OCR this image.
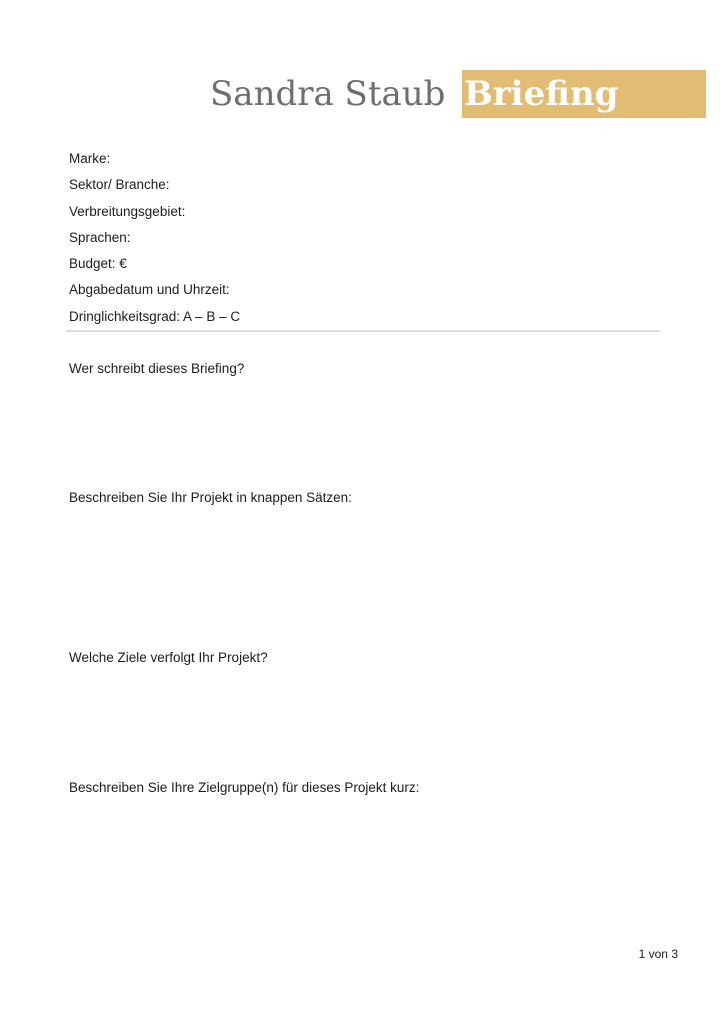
Sandra Staub Briefing
Marke:
Sektor/ Branche:
Verbreitungsgebiet:
Sprachen:
Budget: €
Abgabedatum und Uhrzeit:
Dringlichkeitsgrad: A – B – C
Wer schreibt dieses Briefing?
Beschreiben Sie Ihr Projekt in knappen Sätzen:
Welche Ziele verfolgt Ihr Projekt?
Beschreiben Sie Ihre Zielgruppe(n) für dieses Projekt kurz:
1 von 3
